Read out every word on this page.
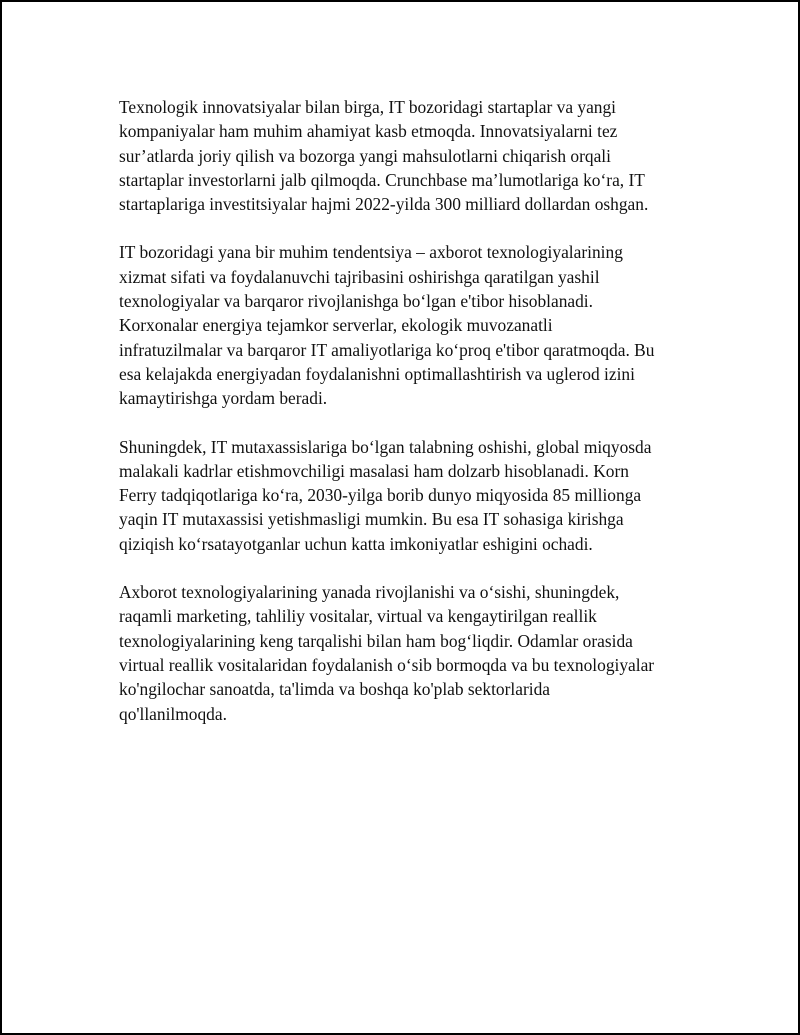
Texnologik innovatsiyalar bilan birga, IT bozoridagi startaplar va yangi
kompaniyalar ham muhim ahamiyat kasb etmoqda. Innovatsiyalarni tez
sur’atlarda joriy qilish va bozorga yangi mahsulotlarni chiqarish orqali
startaplar investorlarni jalb qilmoqda. Crunchbase ma’lumotlariga ko‘ra, IT
startaplariga investitsiyalar hajmi 2022-yilda 300 milliard dollardan oshgan.

IT bozoridagi yana bir muhim tendentsiya – axborot texnologiyalarining
xizmat sifati va foydalanuvchi tajribasini oshirishga qaratilgan yashil
texnologiyalar va barqaror rivojlanishga bo‘lgan e'tibor hisoblanadi.
Korxonalar energiya tejamkor serverlar, ekologik muvozanatli
infratuzilmalar va barqaror IT amaliyotlariga ko‘proq e'tibor qaratmoqda. Bu
esa kelajakda energiyadan foydalanishni optimallashtirish va uglerod izini
kamaytirishga yordam beradi.

Shuningdek, IT mutaxassislariga bo‘lgan talabning oshishi, global miqyosda
malakali kadrlar etishmovchiligi masalasi ham dolzarb hisoblanadi. Korn
Ferry tadqiqotlariga ko‘ra, 2030-yilga borib dunyo miqyosida 85 millionga
yaqin IT mutaxassisi yetishmasligi mumkin. Bu esa IT sohasiga kirishga
qiziqish ko‘rsatayotganlar uchun katta imkoniyatlar eshigini ochadi.

Axborot texnologiyalarining yanada rivojlanishi va o‘sishi, shuningdek,
raqamli marketing, tahliliy vositalar, virtual va kengaytirilgan reallik
texnologiyalarining keng tarqalishi bilan ham bog‘liqdir. Odamlar orasida
virtual reallik vositalaridan foydalanish o‘sib bormoqda va bu texnologiyalar
ko'ngilochar sanoatda, ta'limda va boshqa ko'plab sektorlarida
qo'llanilmoqda.
